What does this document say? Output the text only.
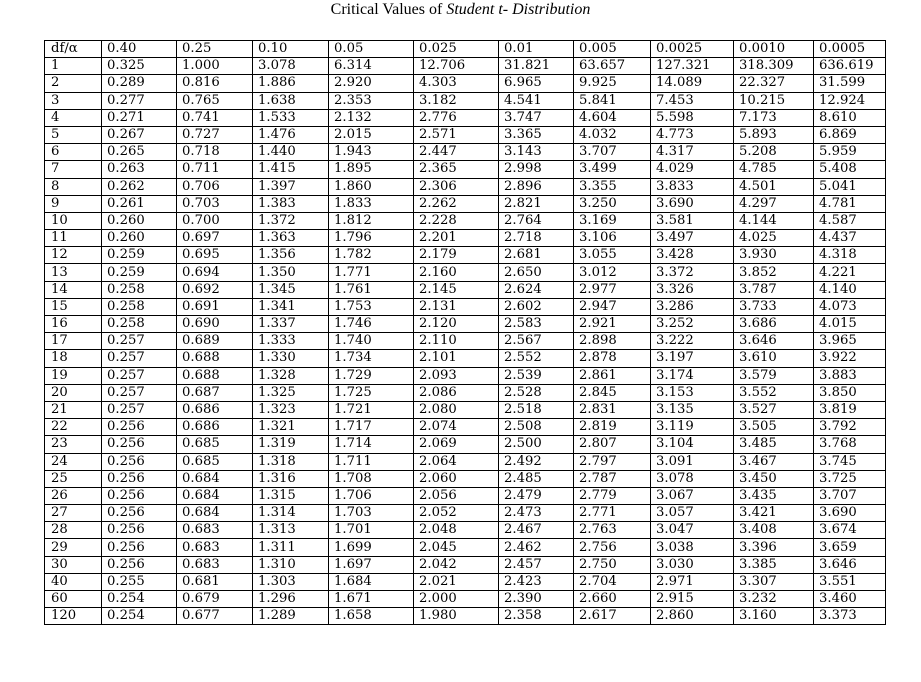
Critical Values of Student t- Distribution
df/α	0.40	0.25	0.10	0.05	0.025	0.01	0.005	0.0025	0.0010	0.0005
1	0.325	1.000	3.078	6.314	12.706	31.821	63.657	127.321	318.309	636.619
2	0.289	0.816	1.886	2.920	4.303	6.965	9.925	14.089	22.327	31.599
3	0.277	0.765	1.638	2.353	3.182	4.541	5.841	7.453	10.215	12.924
4	0.271	0.741	1.533	2.132	2.776	3.747	4.604	5.598	7.173	8.610
5	0.267	0.727	1.476	2.015	2.571	3.365	4.032	4.773	5.893	6.869
6	0.265	0.718	1.440	1.943	2.447	3.143	3.707	4.317	5.208	5.959
7	0.263	0.711	1.415	1.895	2.365	2.998	3.499	4.029	4.785	5.408
8	0.262	0.706	1.397	1.860	2.306	2.896	3.355	3.833	4.501	5.041
9	0.261	0.703	1.383	1.833	2.262	2.821	3.250	3.690	4.297	4.781
10	0.260	0.700	1.372	1.812	2.228	2.764	3.169	3.581	4.144	4.587
11	0.260	0.697	1.363	1.796	2.201	2.718	3.106	3.497	4.025	4.437
12	0.259	0.695	1.356	1.782	2.179	2.681	3.055	3.428	3.930	4.318
13	0.259	0.694	1.350	1.771	2.160	2.650	3.012	3.372	3.852	4.221
14	0.258	0.692	1.345	1.761	2.145	2.624	2.977	3.326	3.787	4.140
15	0.258	0.691	1.341	1.753	2.131	2.602	2.947	3.286	3.733	4.073
16	0.258	0.690	1.337	1.746	2.120	2.583	2.921	3.252	3.686	4.015
17	0.257	0.689	1.333	1.740	2.110	2.567	2.898	3.222	3.646	3.965
18	0.257	0.688	1.330	1.734	2.101	2.552	2.878	3.197	3.610	3.922
19	0.257	0.688	1.328	1.729	2.093	2.539	2.861	3.174	3.579	3.883
20	0.257	0.687	1.325	1.725	2.086	2.528	2.845	3.153	3.552	3.850
21	0.257	0.686	1.323	1.721	2.080	2.518	2.831	3.135	3.527	3.819
22	0.256	0.686	1.321	1.717	2.074	2.508	2.819	3.119	3.505	3.792
23	0.256	0.685	1.319	1.714	2.069	2.500	2.807	3.104	3.485	3.768
24	0.256	0.685	1.318	1.711	2.064	2.492	2.797	3.091	3.467	3.745
25	0.256	0.684	1.316	1.708	2.060	2.485	2.787	3.078	3.450	3.725
26	0.256	0.684	1.315	1.706	2.056	2.479	2.779	3.067	3.435	3.707
27	0.256	0.684	1.314	1.703	2.052	2.473	2.771	3.057	3.421	3.690
28	0.256	0.683	1.313	1.701	2.048	2.467	2.763	3.047	3.408	3.674
29	0.256	0.683	1.311	1.699	2.045	2.462	2.756	3.038	3.396	3.659
30	0.256	0.683	1.310	1.697	2.042	2.457	2.750	3.030	3.385	3.646
40	0.255	0.681	1.303	1.684	2.021	2.423	2.704	2.971	3.307	3.551
60	0.254	0.679	1.296	1.671	2.000	2.390	2.660	2.915	3.232	3.460
120	0.254	0.677	1.289	1.658	1.980	2.358	2.617	2.860	3.160	3.373
